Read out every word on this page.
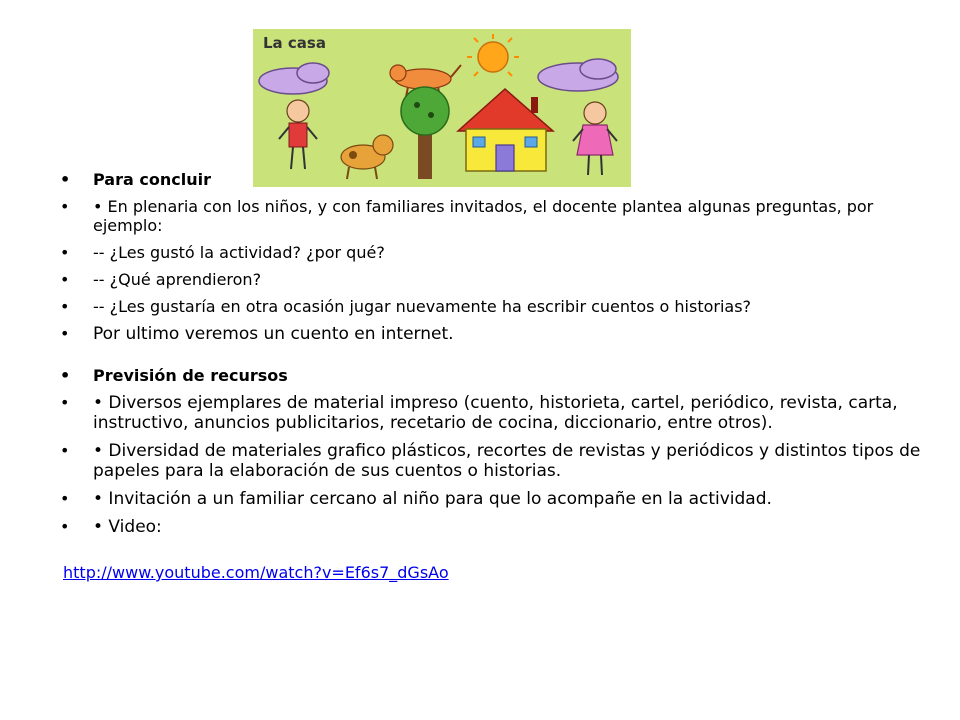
La casa
• Para concluir
• • En plenaria con los niños, y con familiares invitados, el docente plantea algunas preguntas, por ejemplo:
• -- ¿Les gustó la actividad? ¿por qué?
• -- ¿Qué aprendieron?
• -- ¿Les gustaría en otra ocasión jugar nuevamente ha escribir cuentos o historias?
• Por ultimo veremos un cuento en internet.
• Previsión de recursos
• • Diversos ejemplares de material impreso (cuento, historieta, cartel, periódico, revista, carta, instructivo, anuncios publicitarios, recetario de cocina, diccionario, entre otros).
• • Diversidad de materiales grafico plásticos, recortes de revistas y periódicos y distintos tipos de papeles para la elaboración de sus cuentos o historias.
• • Invitación a un familiar cercano al niño para que lo acompañe en la actividad.
• • Video:
http://www.youtube.com/watch?v=Ef6s7_dGsAo
